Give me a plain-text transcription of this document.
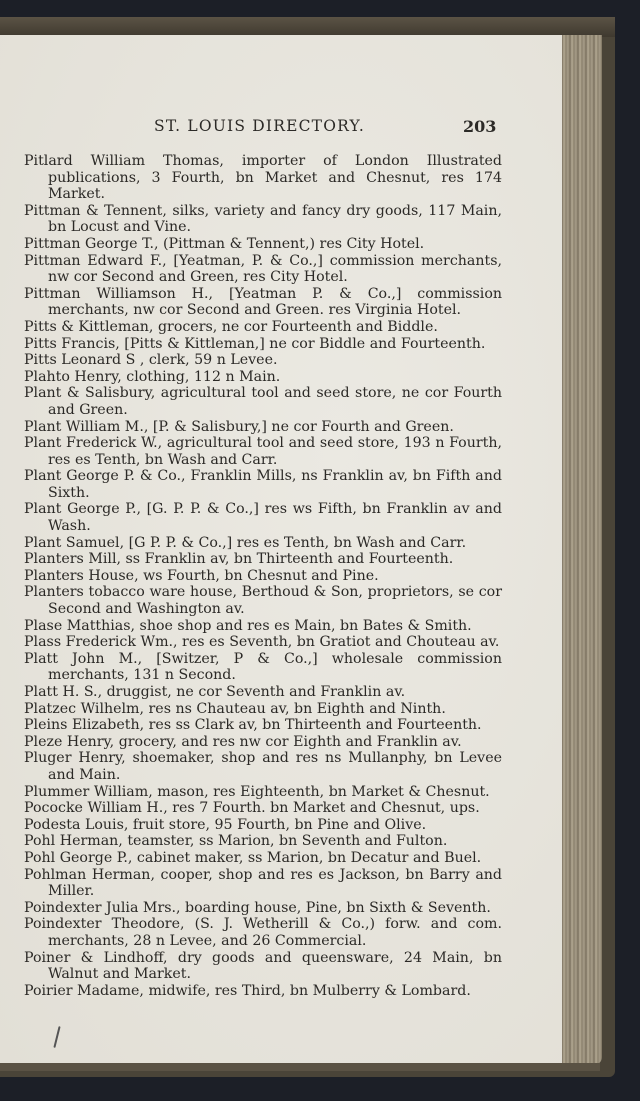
ST. LOUIS DIRECTORY.	203

Pitlard William Thomas, importer of London Illustrated publications, 3 Fourth, bn Market and Chesnut, res 174 Market.

Pittman & Tennent, silks, variety and fancy dry goods, 117 Main, bn Locust and Vine.

Pittman George T., (Pittman & Tennent,) res City Hotel.

Pittman Edward F., [Yeatman, P. & Co.,] commission merchants, nw cor Second and Green, res City Hotel.

Pittman Williamson H., [Yeatman P. & Co.,] commission merchants, nw cor Second and Green. res Virginia Hotel.

Pitts & Kittleman, grocers, ne cor Fourteenth and Biddle.

Pitts Francis, [Pitts & Kittleman,] ne cor Biddle and Fourteenth.

Pitts Leonard S , clerk, 59 n Levee.

Plahto Henry, clothing, 112 n Main.

Plant & Salisbury, agricultural tool and seed store, ne cor Fourth and Green.

Plant William M., [P. & Salisbury,] ne cor Fourth and Green.

Plant Frederick W., agricultural tool and seed store, 193 n Fourth, res es Tenth, bn Wash and Carr.

Plant George P. & Co., Franklin Mills, ns Franklin av, bn Fifth and Sixth.

Plant George P., [G. P. P. & Co.,] res ws Fifth, bn Franklin av and Wash.

Plant Samuel, [G P. P. & Co.,] res es Tenth, bn Wash and Carr.

Planters Mill, ss Franklin av, bn Thirteenth and Fourteenth.

Planters House, ws Fourth, bn Chesnut and Pine.

Planters tobacco ware house, Berthoud & Son, proprietors, se cor Second and Washington av.

Plase Matthias, shoe shop and res es Main, bn Bates & Smith.

Plass Frederick Wm., res es Seventh, bn Gratiot and Chouteau av.

Platt John M., [Switzer, P & Co.,] wholesale commission merchants, 131 n Second.

Platt H. S., druggist, ne cor Seventh and Franklin av.

Platzec Wilhelm, res ns Chauteau av, bn Eighth and Ninth.

Pleins Elizabeth, res ss Clark av, bn Thirteenth and Fourteenth.

Pleze Henry, grocery, and res nw cor Eighth and Franklin av.

Pluger Henry, shoemaker, shop and res ns Mullanphy, bn Levee and Main.

Plummer William, mason, res Eighteenth, bn Market & Chesnut.

Pococke William H., res 7 Fourth. bn Market and Chesnut, ups.

Podesta Louis, fruit store, 95 Fourth, bn Pine and Olive.

Pohl Herman, teamster, ss Marion, bn Seventh and Fulton.

Pohl George P., cabinet maker, ss Marion, bn Decatur and Buel.

Pohlman Herman, cooper, shop and res es Jackson, bn Barry and Miller.

Poindexter Julia Mrs., boarding house, Pine, bn Sixth & Seventh.

Poindexter Theodore, (S. J. Wetherill & Co.,) forw. and com. merchants, 28 n Levee, and 26 Commercial.

Poiner & Lindhoff, dry goods and queensware, 24 Main, bn Walnut and Market.

Poirier Madame, midwife, res Third, bn Mulberry & Lombard.
